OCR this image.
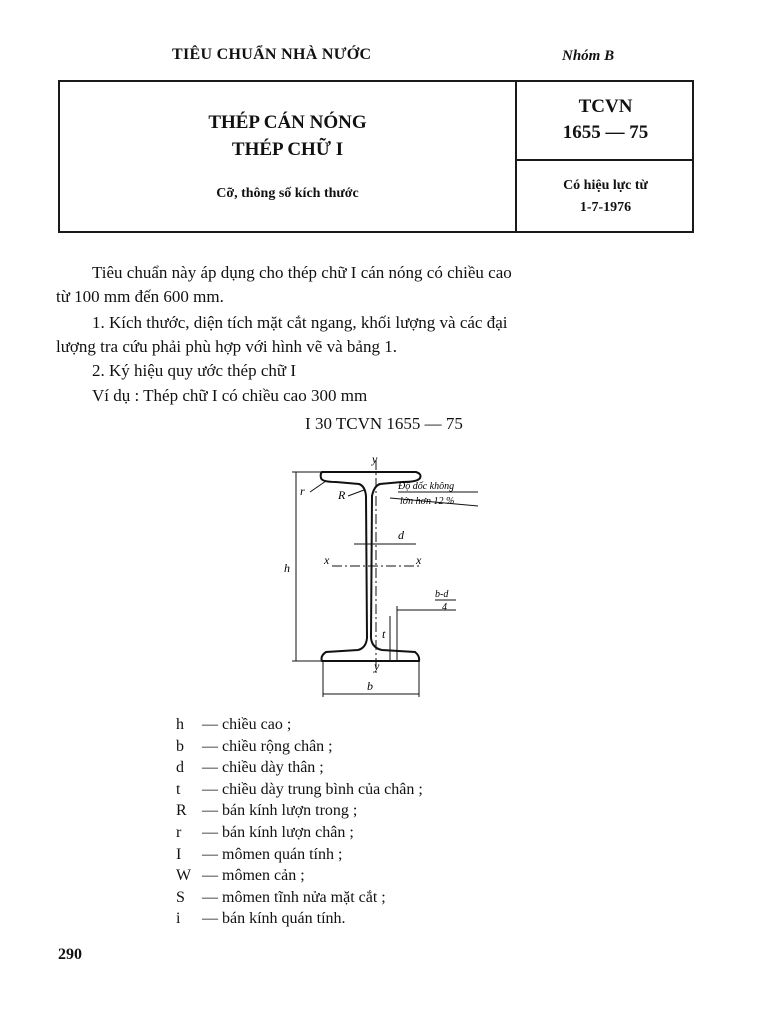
TIÊU CHUẨN NHÀ NƯỚC	Nhóm B
THÉP CÁN NÓNG
THÉP CHỮ I
Cỡ, thông số kích thước
TCVN
1655 — 75
Có hiệu lực từ
1-7-1976
Tiêu chuẩn này áp dụng cho thép chữ I cán nóng có chiều cao
từ 100 mm đến 600 mm.
1. Kích thước, diện tích mặt cắt ngang, khối lượng và các đại
lượng tra cứu phải phù hợp với hình vẽ và bảng 1.
2. Ký hiệu quy ước thép chữ I
Ví dụ : Thép chữ I có chiều cao 300 mm
I 30 TCVN 1655 — 75
y
y
x	x
r	R
d
h
b
t
b-d
4
Độ dốc không
lớn hơn 12 %
h — chiều cao ;
b — chiều rộng chân ;
d — chiều dày thân ;
t — chiều dày trung bình của chân ;
R — bán kính lượn trong ;
r — bán kính lượn chân ;
I — mômen quán tính ;
W — mômen cản ;
S — mômen tĩnh nửa mặt cắt ;
i — bán kính quán tính.
290
